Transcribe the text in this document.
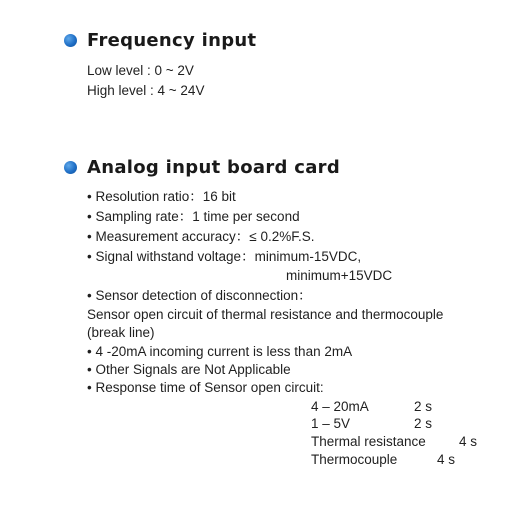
Frequency input
Low level : 0 ~ 2V
High level : 4 ~ 24V
Analog input board card
• Resolution ratio：16 bit
• Sampling rate：1 time per second
• Measurement accuracy：≤ 0.2%F.S.
• Signal withstand voltage：minimum-15VDC,
minimum+15VDC
• Sensor detection of disconnection：
Sensor open circuit of thermal resistance and thermocouple
(break line)
• 4 -20mA incoming current is less than 2mA
• Other Signals are Not Applicable
• Response time of Sensor open circuit:
4 – 20mA	2 s
1 – 5V	2 s
Thermal resistance 4 s
Thermocouple	4 s
